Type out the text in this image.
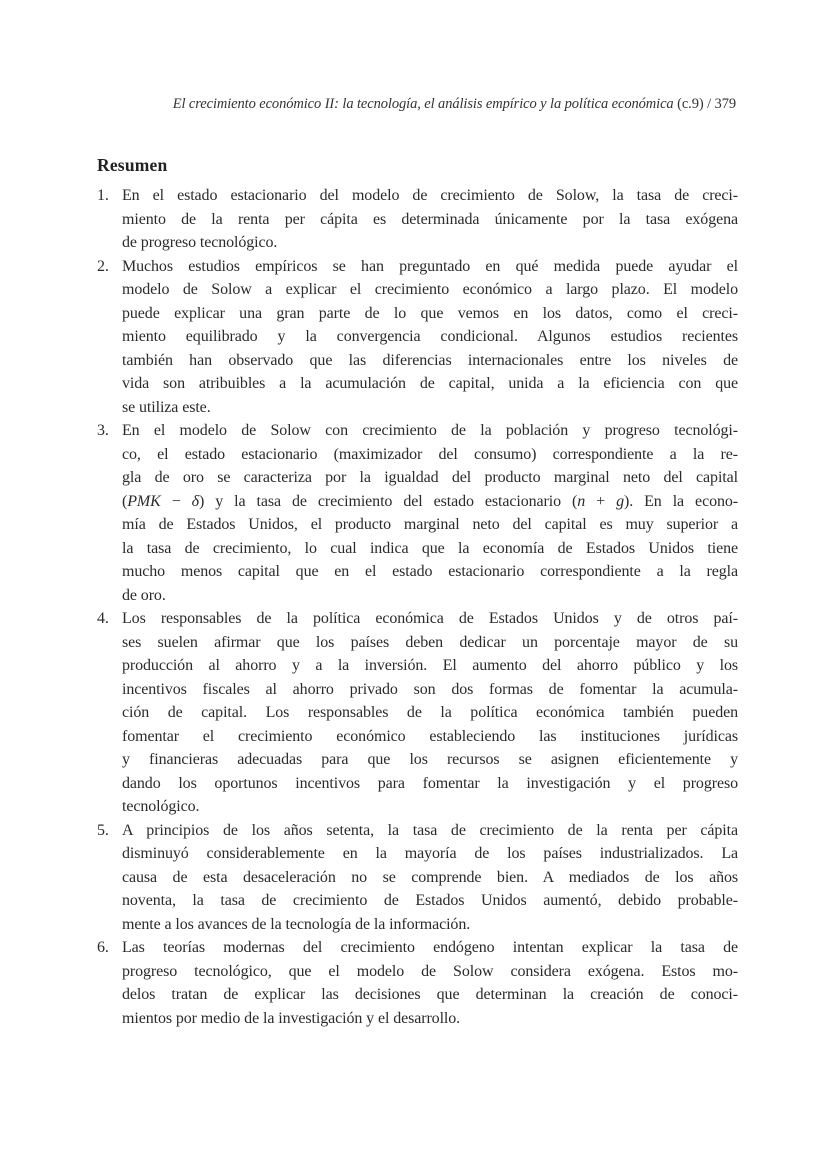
El crecimiento económico II: la tecnología, el análisis empírico y la política económica (c.9) / 379
Resumen
1. En el estado estacionario del modelo de crecimiento de Solow, la tasa de creci-
miento de la renta per cápita es determinada únicamente por la tasa exógena
de progreso tecnológico.
2. Muchos estudios empíricos se han preguntado en qué medida puede ayudar el
modelo de Solow a explicar el crecimiento económico a largo plazo. El modelo
puede explicar una gran parte de lo que vemos en los datos, como el creci-
miento equilibrado y la convergencia condicional. Algunos estudios recientes
también han observado que las diferencias internacionales entre los niveles de
vida son atribuibles a la acumulación de capital, unida a la eficiencia con que
se utiliza este.
3. En el modelo de Solow con crecimiento de la población y progreso tecnológi-
co, el estado estacionario (maximizador del consumo) correspondiente a la re-
gla de oro se caracteriza por la igualdad del producto marginal neto del capital
(PMK − δ) y la tasa de crecimiento del estado estacionario (n + g). En la econo-
mía de Estados Unidos, el producto marginal neto del capital es muy superior a
la tasa de crecimiento, lo cual indica que la economía de Estados Unidos tiene
mucho menos capital que en el estado estacionario correspondiente a la regla
de oro.
4. Los responsables de la política económica de Estados Unidos y de otros paí-
ses suelen afirmar que los países deben dedicar un porcentaje mayor de su
producción al ahorro y a la inversión. El aumento del ahorro público y los
incentivos fiscales al ahorro privado son dos formas de fomentar la acumula-
ción de capital. Los responsables de la política económica también pueden
fomentar el crecimiento económico estableciendo las instituciones jurídicas
y financieras adecuadas para que los recursos se asignen eficientemente y
dando los oportunos incentivos para fomentar la investigación y el progreso
tecnológico.
5. A principios de los años setenta, la tasa de crecimiento de la renta per cápita
disminuyó considerablemente en la mayoría de los países industrializados. La
causa de esta desaceleración no se comprende bien. A mediados de los años
noventa, la tasa de crecimiento de Estados Unidos aumentó, debido probable-
mente a los avances de la tecnología de la información.
6. Las teorías modernas del crecimiento endógeno intentan explicar la tasa de
progreso tecnológico, que el modelo de Solow considera exógena. Estos mo-
delos tratan de explicar las decisiones que determinan la creación de conoci-
mientos por medio de la investigación y el desarrollo.
